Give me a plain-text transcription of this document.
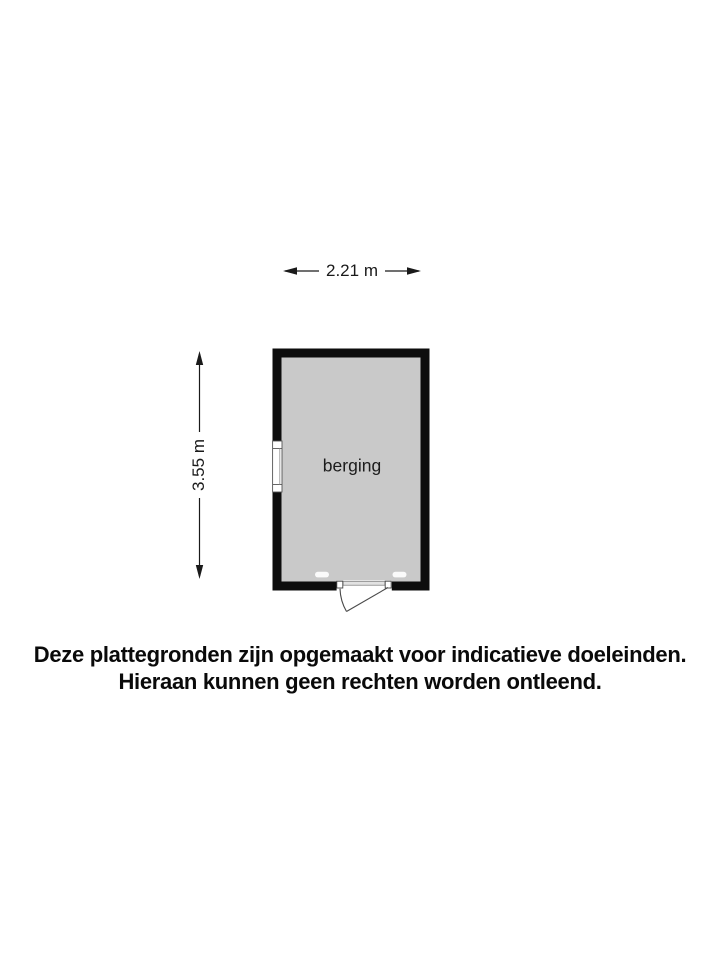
2.21 m
3.55 m	berging
Deze plattegronden zijn opgemaakt voor indicatieve doeleinden.
Hieraan kunnen geen rechten worden ontleend.
